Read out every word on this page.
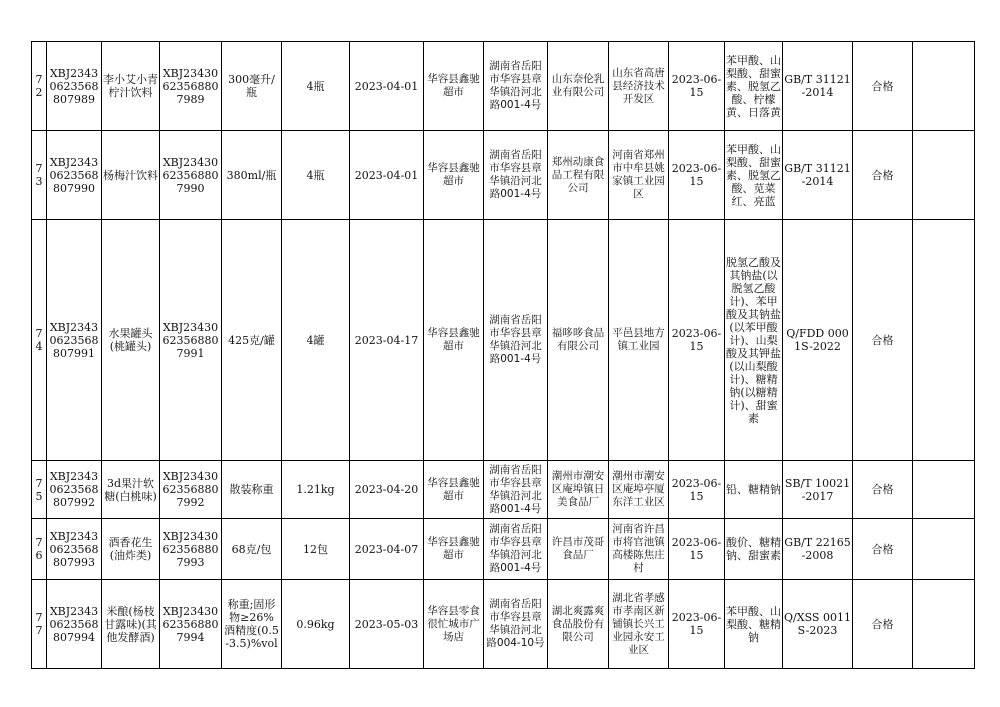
72	XBJ23430623568807989	李小艾小青柠汁饮料	XBJ23430623568807989	300毫升/瓶	4瓶	2023-04-01	华容县鑫驰超市	湖南省岳阳市华容县章华镇沿河北路001-4号	山东奈伦乳业有限公司	山东省高唐县经济技术开发区	2023-06-15	苯甲酸、山梨酸、甜蜜素、脱氢乙酸、柠檬黄、日落黄	GB/T 31121-2014	合格	
73	XBJ23430623568807990	杨梅汁饮料	XBJ23430623568807990	380ml/瓶	4瓶	2023-04-01	华容县鑫驰超市	湖南省岳阳市华容县章华镇沿河北路001-4号	郑州动康食品工程有限公司	河南省郑州市中牟县姚家镇工业园区	2023-06-15	苯甲酸、山梨酸、甜蜜素、脱氢乙酸、苋菜红、亮蓝	GB/T 31121-2014	合格	
74	XBJ23430623568807991	水果罐头(桃罐头)	XBJ23430623568807991	425克/罐	4罐	2023-04-17	华容县鑫驰超市	湖南省岳阳市华容县章华镇沿河北路001-4号	福哆哆食品有限公司	平邑县地方镇工业园	2023-06-15	脱氢乙酸及其钠盐(以脱氢乙酸计)、苯甲酸及其钠盐(以苯甲酸计)、山梨酸及其钾盐(以山梨酸计)、糖精钠(以糖精计)、甜蜜素	Q/FDD 0001S-2022	合格	
75	XBJ23430623568807992	3d果汁软糖(白桃味)	XBJ23430623568807992	散装称重	1.21kg	2023-04-20	华容县鑫驰超市	湖南省岳阳市华容县章华镇沿河北路001-4号	潮州市潮安区庵埠镇日美食品厂	潮州市潮安区庵埠亭厦东洋工业区	2023-06-15	铅、糖精钠	SB/T 10021-2017	合格	
76	XBJ23430623568807993	酒香花生(油炸类)	XBJ23430623568807993	68克/包	12包	2023-04-07	华容县鑫驰超市	湖南省岳阳市华容县章华镇沿河北路001-4号	许昌市茂哥食品厂	河南省许昌市将官池镇高楼陈焦庄村	2023-06-15	酸价、糖精钠、甜蜜素	GB/T 22165-2008	合格	
77	XBJ23430623568807994	米酿(杨枝甘露味)(其他发酵酒)	XBJ23430623568807994	称重;固形物≥26% 酒精度(0.5-3.5)%vol	0.96kg	2023-05-03	华容县零食很忙城市广场店	湖南省岳阳市华容县章华镇沿河北路004-10号	湖北爽露爽食品股份有限公司	湖北省孝感市孝南区新铺镇长兴工业园永安工业区	2023-06-15	苯甲酸、山梨酸、糖精钠	Q/XSS 0011S-2023	合格	
